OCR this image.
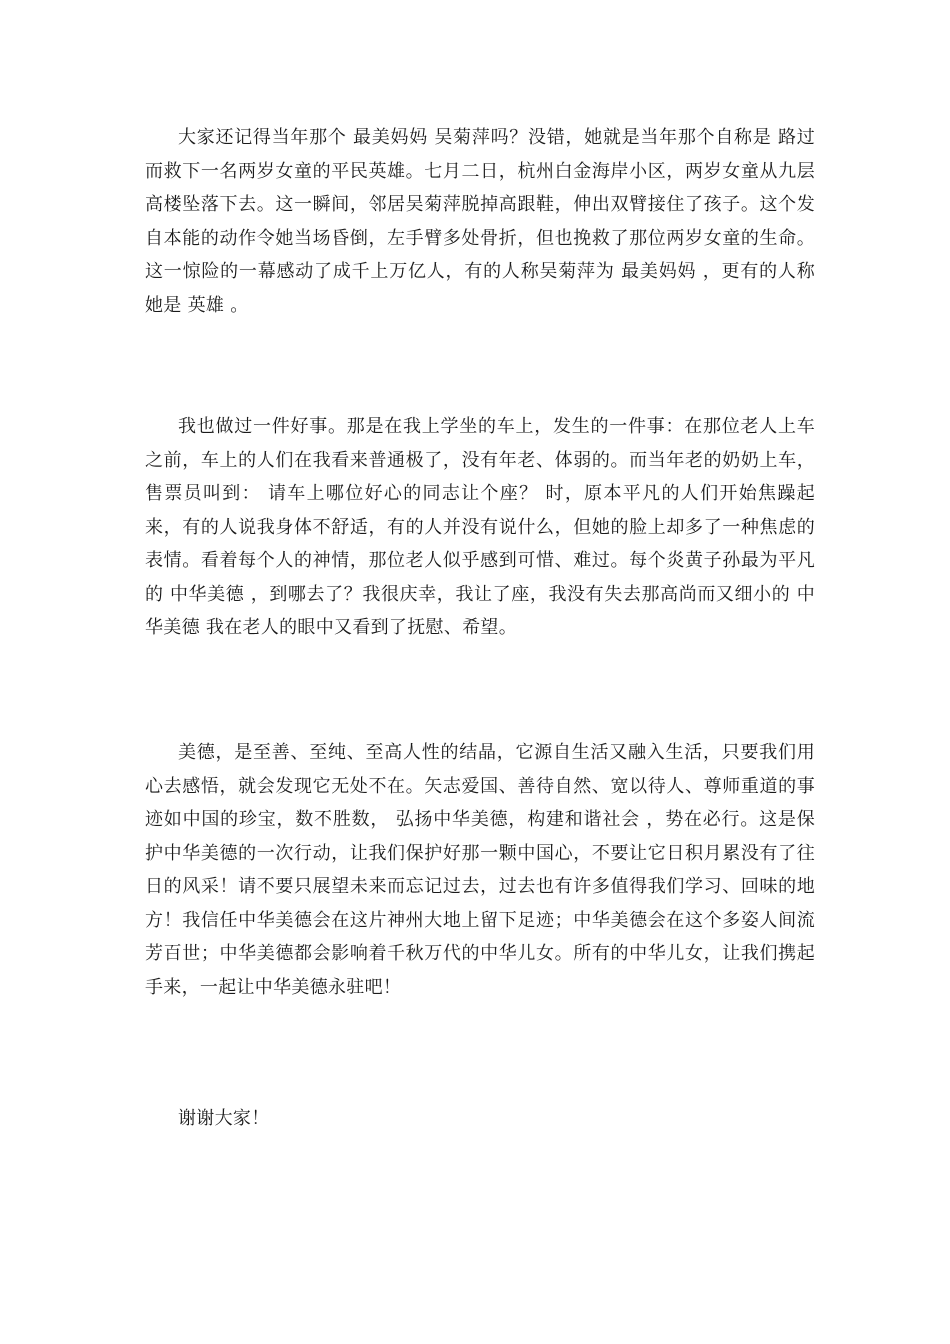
大家还记得当年那个 最美妈妈 吴菊萍吗？没错，她就是当年那个自称是 路过 而救下一名两岁女童的平民英雄。七月二日，杭州白金海岸小区，两岁女童从九层高楼坠落下去。这一瞬间，邻居吴菊萍脱掉高跟鞋，伸出双臂接住了孩子。这个发自本能的动作令她当场昏倒，左手臂多处骨折，但也挽救了那位两岁女童的生命。这一惊险的一幕感动了成千上万亿人，有的人称吴菊萍为 最美妈妈 ，更有的人称她是 英雄 。

我也做过一件好事。那是在我上学坐的车上，发生的一件事：在那位老人上车之前，车上的人们在我看来普通极了，没有年老、体弱的。而当年老的奶奶上车，售票员叫到： 请车上哪位好心的同志让个座？ 时，原本平凡的人们开始焦躁起来，有的人说我身体不舒适，有的人并没有说什么，但她的脸上却多了一种焦虑的表情。看着每个人的神情，那位老人似乎感到可惜、难过。每个炎黄子孙最为平凡的 中华美德 ，到哪去了？我很庆幸，我让了座，我没有失去那高尚而又细小的 中华美德 我在老人的眼中又看到了抚慰、希望。

美德，是至善、至纯、至高人性的结晶，它源自生活又融入生活，只要我们用心去感悟，就会发现它无处不在。矢志爱国、善待自然、宽以待人、尊师重道的事迹如中国的珍宝，数不胜数， 弘扬中华美德，构建和谐社会 ，势在必行。这是保护中华美德的一次行动，让我们保护好那一颗中国心，不要让它日积月累没有了往日的风采！请不要只展望未来而忘记过去，过去也有许多值得我们学习、回味的地方！我信任中华美德会在这片神州大地上留下足迹；中华美德会在这个多姿人间流芳百世；中华美德都会影响着千秋万代的中华儿女。所有的中华儿女，让我们携起手来，一起让中华美德永驻吧！

谢谢大家！
